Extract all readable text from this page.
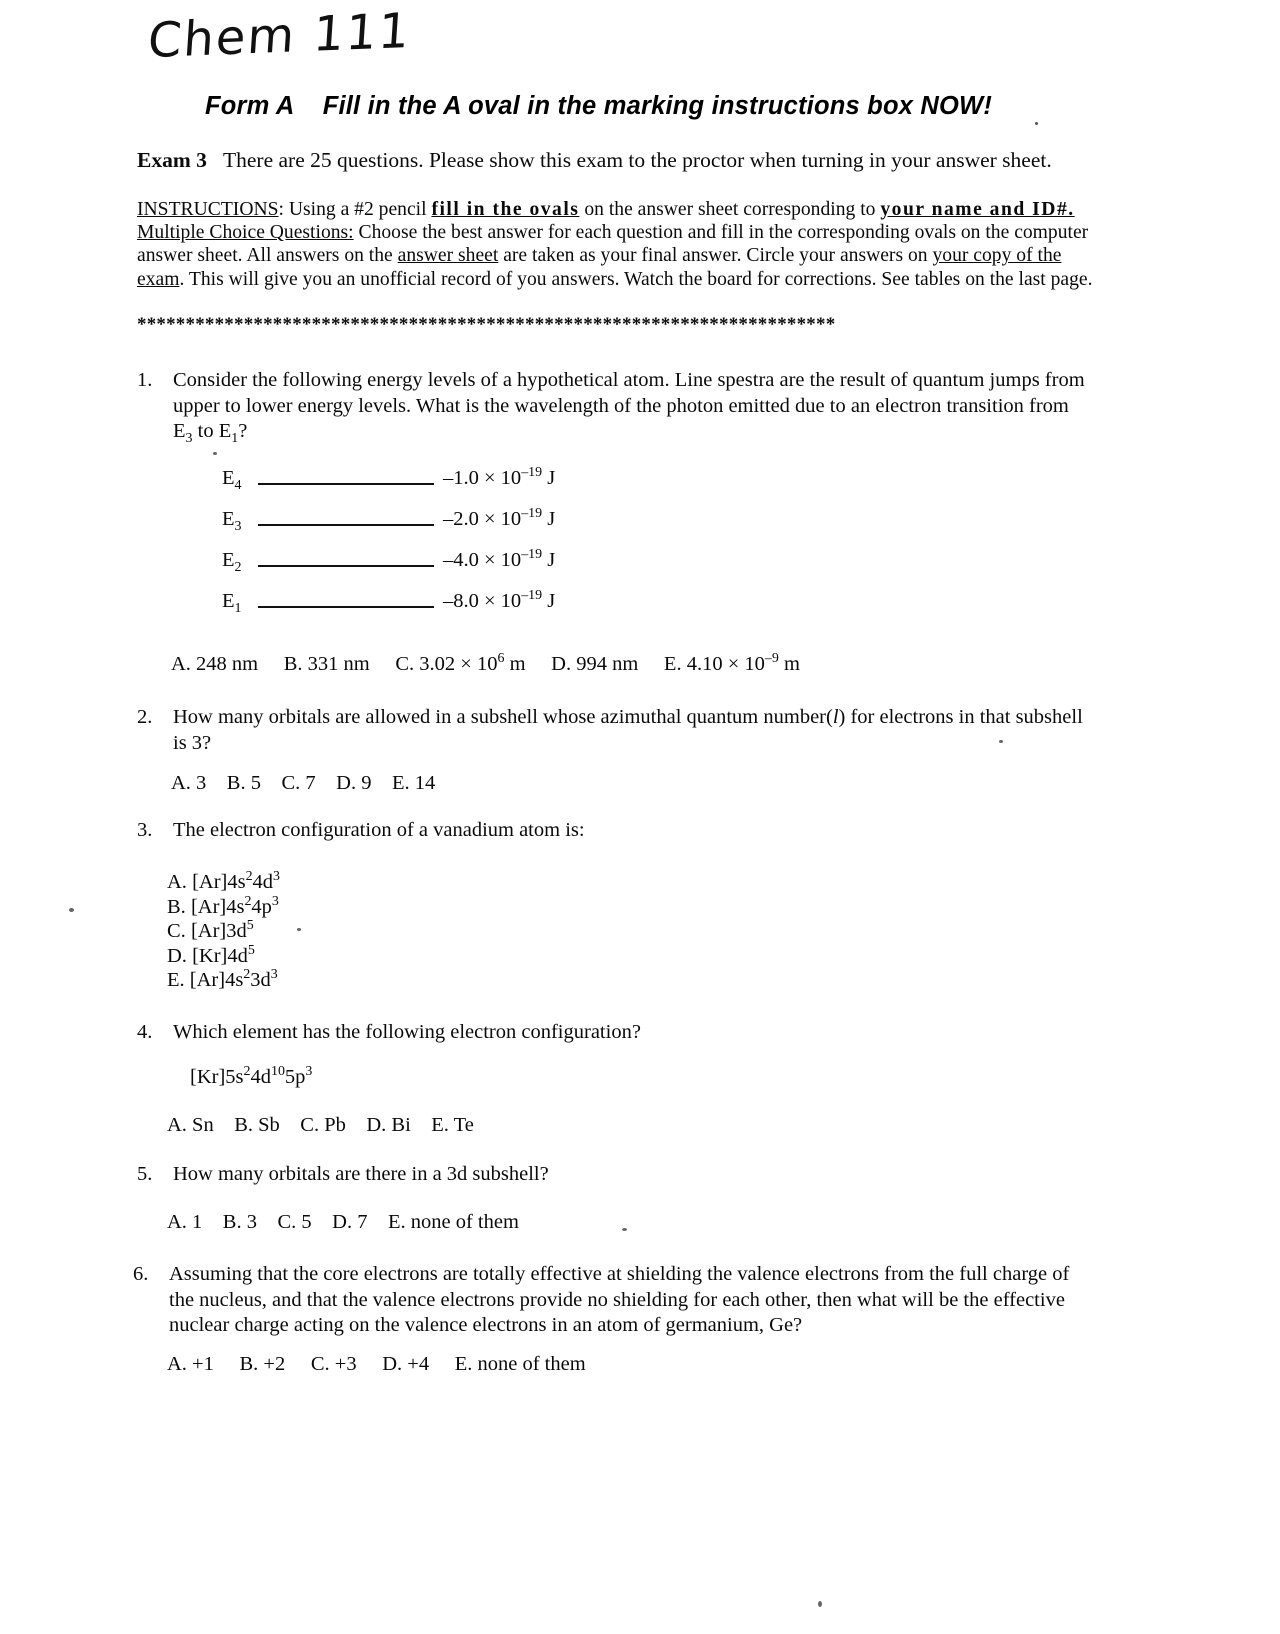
Chem 111
Form A    Fill in the A oval in the marking instructions box NOW!
Exam 3 There are 25 questions. Please show this exam to the proctor when turning in your answer sheet.
INSTRUCTIONS: Using a #2 pencil fill in the ovals on the answer sheet corresponding to your name and ID#. Multiple Choice Questions: Choose the best answer for each question and fill in the corresponding ovals on the computer answer sheet. All answers on the answer sheet are taken as your final answer. Circle your answers on your copy of the exam. This will give you an unofficial record of you answers. Watch the board for corrections. See tables on the last page.
************************************************************************
1.	Consider the following energy levels of a hypothetical atom. Line spestra are the result of quantum jumps from
upper to lower energy levels. What is the wavelength of the photon emitted due to an electron transition from
$E_3$ to $E_1$?
$E_4$	$-1.0 \times 10^{-19}$ J
$E_3$	$-2.0 \times 10^{-19}$ J
$E_2$	$-4.0 \times 10^{-19}$ J
$E_1$	$-8.0 \times 10^{-19}$ J
A. 248 nm B. 331 nm C. $3.02 \times 10^6$ m D. 994 nm E. $4.10 \times 10^{-9}$ m
2.	How many orbitals are allowed in a subshell whose azimuthal quantum number(l) for electrons in that subshell
is 3?
A. 3    B. 5    C. 7    D. 9    E. 14
3.	The electron configuration of a vanadium atom is:
A. $[Ar]4s^24d^3$
B. $[Ar]4s^24p^3$
C. $[Ar]3d^5$
D. $[Kr]4d^5$
E. $[Ar]4s^23d^3$
4.	Which element has the following electron configuration?
$[Kr]5s^24d^{10}5p^3$
A. Sn    B. Sb    C. Pb    D. Bi    E. Te
5.	How many orbitals are there in a 3d subshell?
A. 1    B. 3    C. 5    D. 7    E. none of them
6.	Assuming that the core electrons are totally effective at shielding the valence electrons from the full charge of
the nucleus, and that the valence electrons provide no shielding for each other, then what will be the effective
nuclear charge acting on the valence electrons in an atom of germanium, Ge?
A. +1     B. +2     C. +3     D. +4     E. none of them
